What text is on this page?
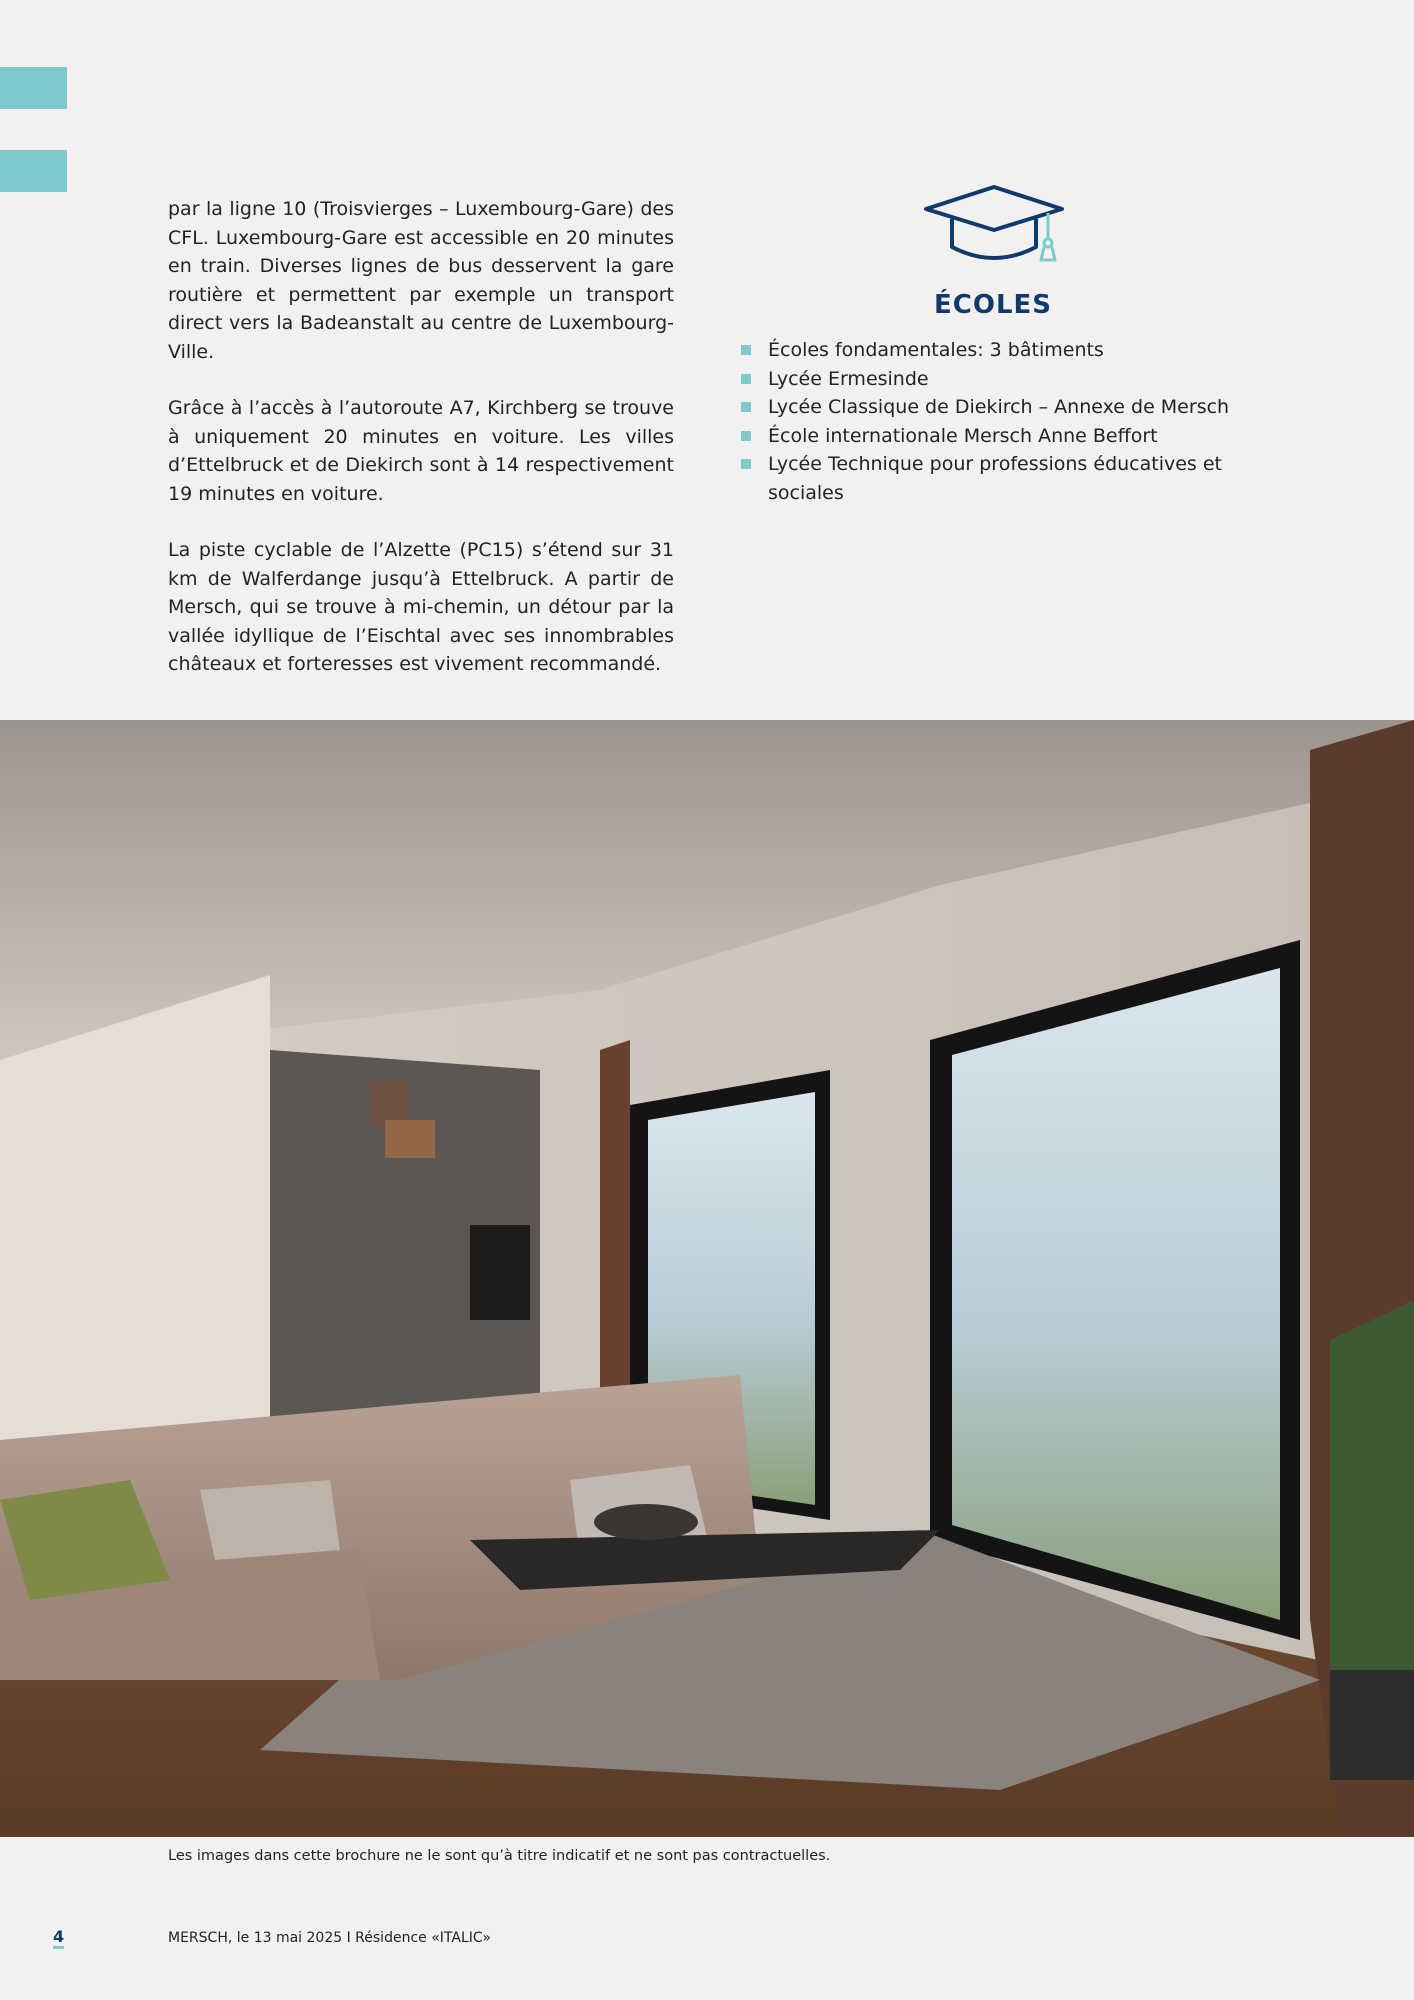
par la ligne 10 (Troisvierges – Luxembourg-Gare) des CFL. Luxembourg-Gare est accessible en 20 minutes en train. Diverses lignes de bus desservent la gare routière et permettent par exemple un transport direct vers la Badeanstalt au centre de Luxembourg-Ville.

Grâce à l’accès à l’autoroute A7, Kirchberg se trouve à uniquement 20 minutes en voiture. Les villes d’Ettelbruck et de Diekirch sont à 14 respectivement 19 minutes en voiture.

La piste cyclable de l’Alzette (PC15) s’étend sur 31 km de Walferdange jusqu’à Ettelbruck. A partir de Mersch, qui se trouve à mi-chemin, un détour par la vallée idyllique de l’Eischtal avec ses innombrables châteaux et forteresses est vivement recommandé.

ÉCOLES
Écoles fondamentales: 3 bâtiments
Lycée Ermesinde
Lycée Classique de Diekirch – Annexe de Mersch
École internationale Mersch Anne Beffort
Lycée Technique pour professions éducatives et sociales

Les images dans cette brochure ne le sont qu’à titre indicatif et ne sont pas contractuelles.

4	MERSCH, le 13 mai 2025 I Résidence «ITALIC»
